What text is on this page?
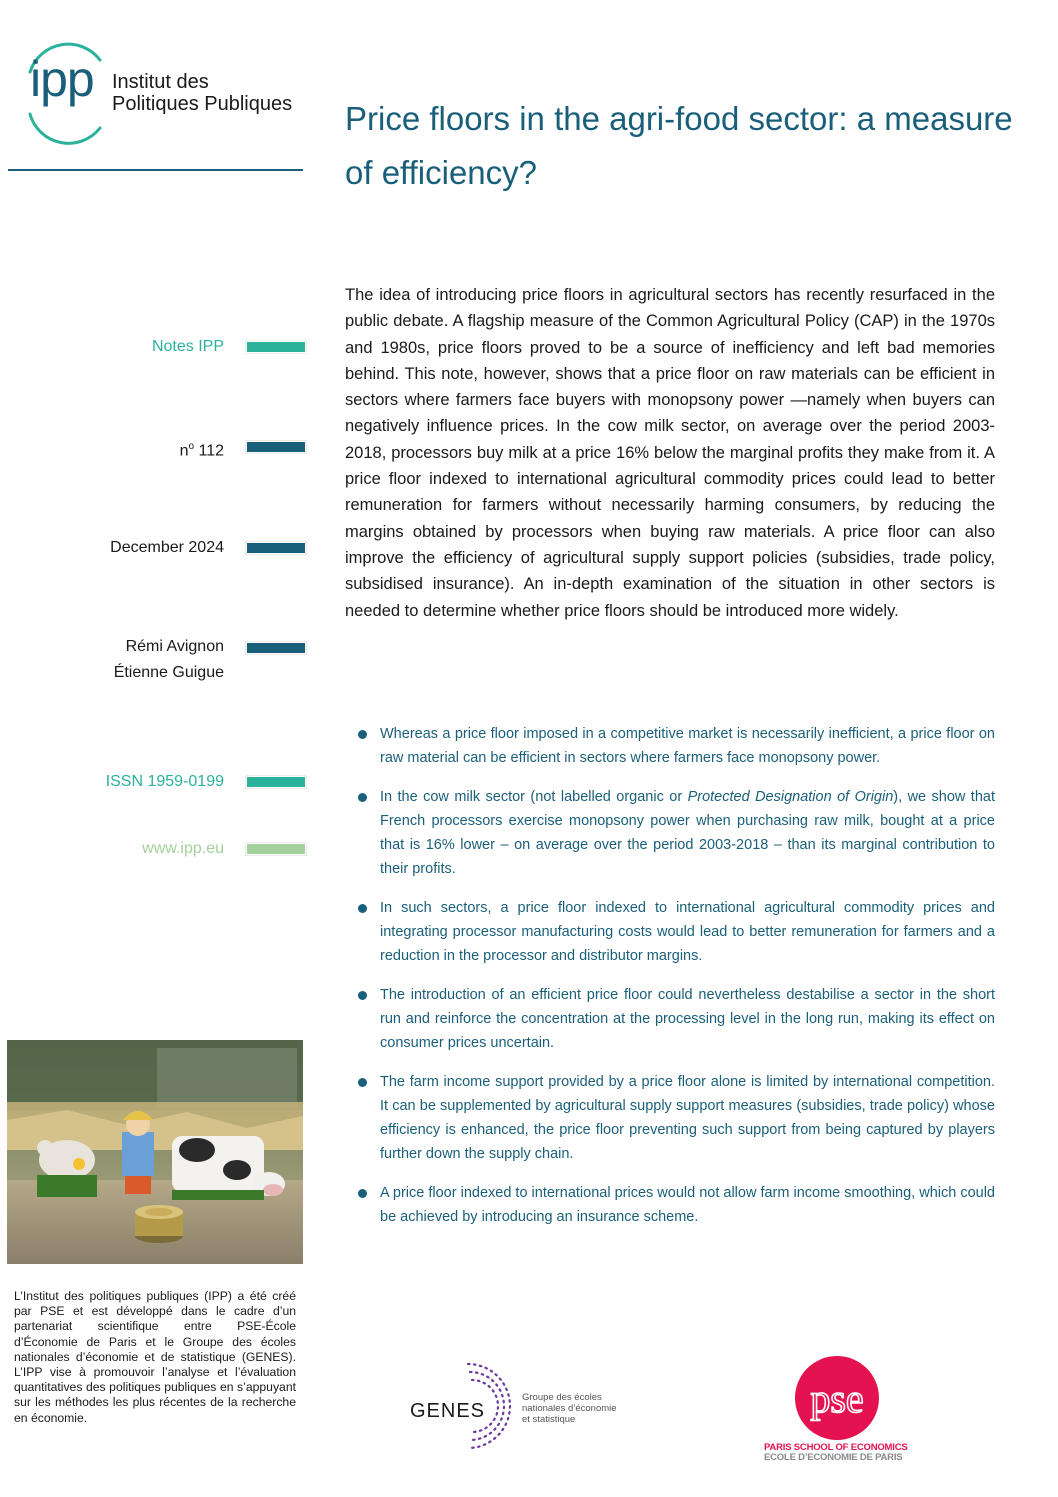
ipp Institut des
Politiques Publiques Price floors in the agri-food sector: a measure of efficiency?

The idea of introducing price floors in agricultural sectors has recently resurfaced in the public debate. A flagship measure of the Common Agricultural Policy (CAP) in the 1970s and 1980s, price floors proved to be a source of inefficiency and left bad memories behind. This note, however, shows that a price floor on raw materials can be efficient in sectors where farmers face buyers with monopsony power —namely when buyers can negatively influence prices. In the cow milk sector, on average over the period 2003-2018, processors buy milk at a price 16% below the marginal profits they make from it. A price floor indexed to international agricultural commodity prices could lead to better remuneration for farmers without necessarily harming consumers, by reducing the margins obtained by processors when buying raw materials. A price floor can also improve the efficiency of agricultural supply support policies (subsidies, trade policy, subsidised insurance). An in-depth examination of the situation in other sectors is needed to determine whether price floors should be introduced more widely.

Notes IPP
$n^o$ 112
December 2024
Rémi Avignon
Étienne Guigue
ISSN 1959-0199
www.ipp.eu
Whereas a price floor imposed in a competitive market is necessarily inefficient, a price floor on raw material can be efficient in sectors where farmers face monopsony power.
In the cow milk sector (not labelled organic or Protected Designation of Origin), we show that French processors exercise monopsony power when purchasing raw milk, bought at a price that is 16% lower – on average over the period 2003-2018 – than its marginal contribution to their profits.
In such sectors, a price floor indexed to international agricultural commodity prices and integrating processor manufacturing costs would lead to better remuneration for farmers and a reduction in the processor and distributor margins.
The introduction of an efficient price floor could nevertheless destabilise a sector in the short run and reinforce the concentration at the processing level in the long run, making its effect on consumer prices uncertain.
The farm income support provided by a price floor alone is limited by international competition. It can be supplemented by agricultural supply support measures (subsidies, trade policy) whose efficiency is enhanced, the price floor preventing such support from being captured by players further down the supply chain.
A price floor indexed to international prices would not allow farm income smoothing, which could be achieved by introducing an insurance scheme.

L’Institut des politiques publiques (IPP) a été créé par PSE et est développé dans le cadre d’un partenariat scientifique entre PSE-École d’Économie de Paris et le Groupe des écoles nationales d’économie et de statistique (GENES). L’IPP vise à promouvoir l’analyse et l’évaluation quantitatives des politiques publiques en s’appuyant sur les méthodes les plus récentes de la recherche en économie.	GENES
Groupe des écoles nationales d’économie et statistique	pse
PARIS SCHOOL OF ECONOMICS
ECOLE D’ECONOMIE DE PARIS
